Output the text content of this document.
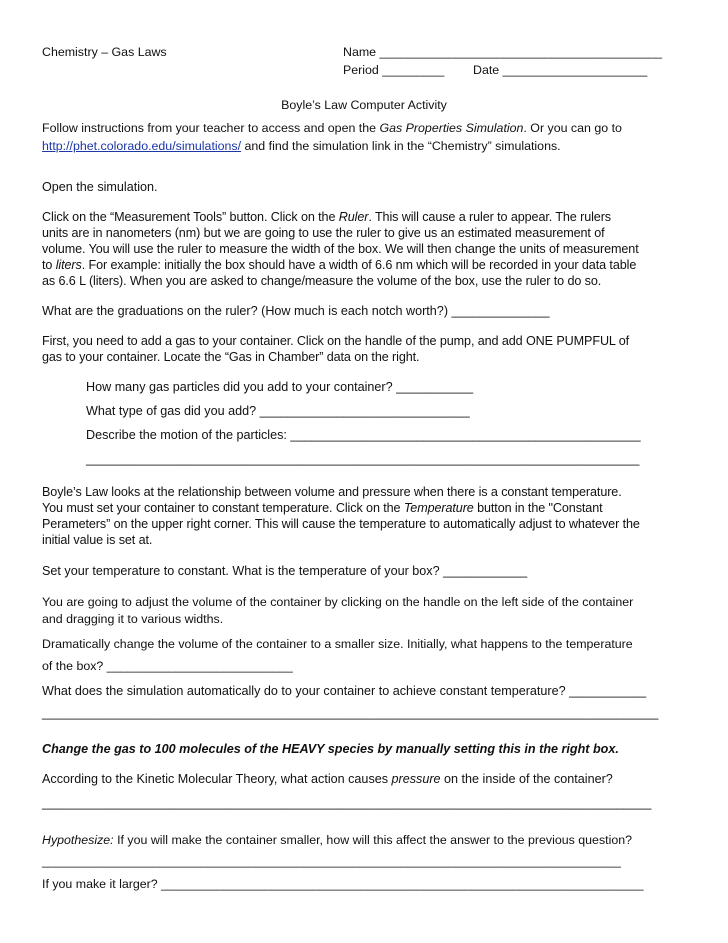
Chemistry – Gas Laws	Name _________________________________________
Period _________ Date _____________________
Boyle’s Law Computer Activity
Follow instructions from your teacher to access and open the Gas Properties Simulation. Or you can go to
http://phet.colorado.edu/simulations/ and find the simulation link in the “Chemistry” simulations.
Open the simulation.
Click on the “Measurement Tools” button. Click on the Ruler. This will cause a ruler to appear. The rulers
units are in nanometers (nm) but we are going to use the ruler to give us an estimated measurement of
volume. You will use the ruler to measure the width of the box. We will then change the units of measurement
to liters. For example: initially the box should have a width of 6.6 nm which will be recorded in your data table
as 6.6 L (liters). When you are asked to change/measure the volume of the box, use the ruler to do so.
What are the graduations on the ruler? (How much is each notch worth?) ______________
First, you need to add a gas to your container. Click on the handle of the pump, and add ONE PUMPFUL of
gas to your container. Locate the “Gas in Chamber” data on the right.
How many gas particles did you add to your container? ___________
What type of gas did you add? ______________________________
Describe the motion of the particles: __________________________________________________
_______________________________________________________________________________
Boyle’s Law looks at the relationship between volume and pressure when there is a constant temperature.
You must set your container to constant temperature. Click on the Temperature button in the "Constant
Perameters” on the upper right corner. This will cause the temperature to automatically adjust to whatever the
initial value is set at.
Set your temperature to constant. What is the temperature of your box? ____________
You are going to adjust the volume of the container by clicking on the handle on the left side of the container
and dragging it to various widths.
Dramatically change the volume of the container to a smaller size. Initially, what happens to the temperature
of the box? ___________________________
What does the simulation automatically do to your container to achieve constant temperature? ___________
________________________________________________________________________________________
Change the gas to 100 molecules of the HEAVY species by manually setting this in the right box.
According to the Kinetic Molecular Theory, what action causes pressure on the inside of the container?
_______________________________________________________________________________________
Hypothesize: If you will make the container smaller, how will this affect the answer to the previous question?
____________________________________________________________________________________
If you make it larger? ______________________________________________________________________
